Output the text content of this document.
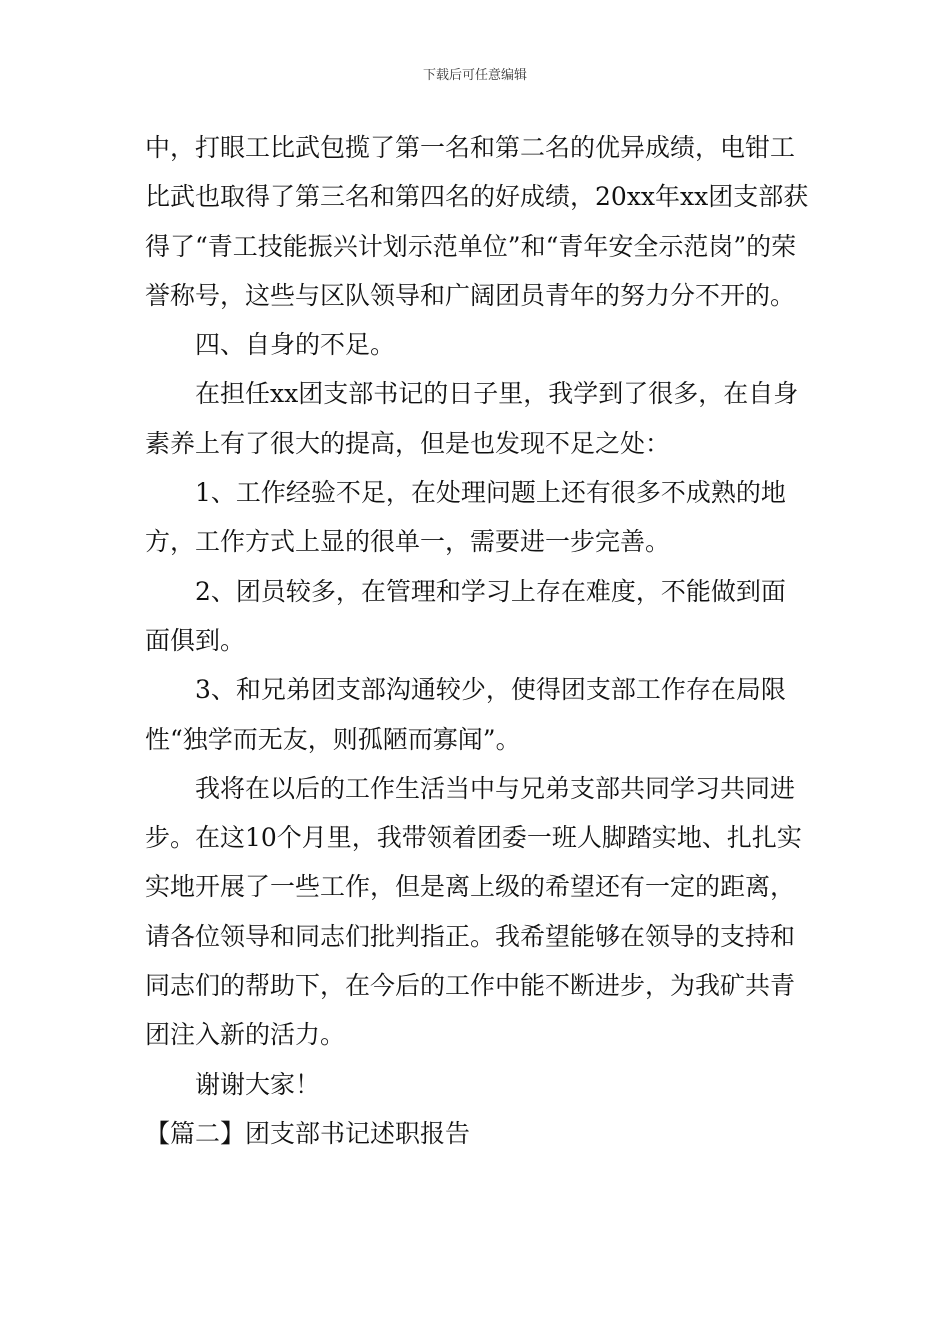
下载后可任意编辑

中，打眼工比武包揽了第一名和第二名的优异成绩，电钳工比武也取得了第三名和第四名的好成绩，20xx年xx团支部获得了“青工技能振兴计划示范单位”和“青年安全示范岗”的荣誉称号，这些与区队领导和广阔团员青年的努力分不开的。

四、自身的不足。

在担任xx团支部书记的日子里，我学到了很多，在自身素养上有了很大的提高，但是也发现不足之处：

1、工作经验不足，在处理问题上还有很多不成熟的地方，工作方式上显的很单一，需要进一步完善。

2、团员较多，在管理和学习上存在难度，不能做到面面俱到。

3、和兄弟团支部沟通较少，使得团支部工作存在局限性“独学而无友，则孤陋而寡闻”。

我将在以后的工作生活当中与兄弟支部共同学习共同进步。在这10个月里，我带领着团委一班人脚踏实地、扎扎实实地开展了一些工作，但是离上级的希望还有一定的距离，请各位领导和同志们批判指正。我希望能够在领导的支持和同志们的帮助下，在今后的工作中能不断进步，为我矿共青团注入新的活力。

谢谢大家！

【篇二】团支部书记述职报告
